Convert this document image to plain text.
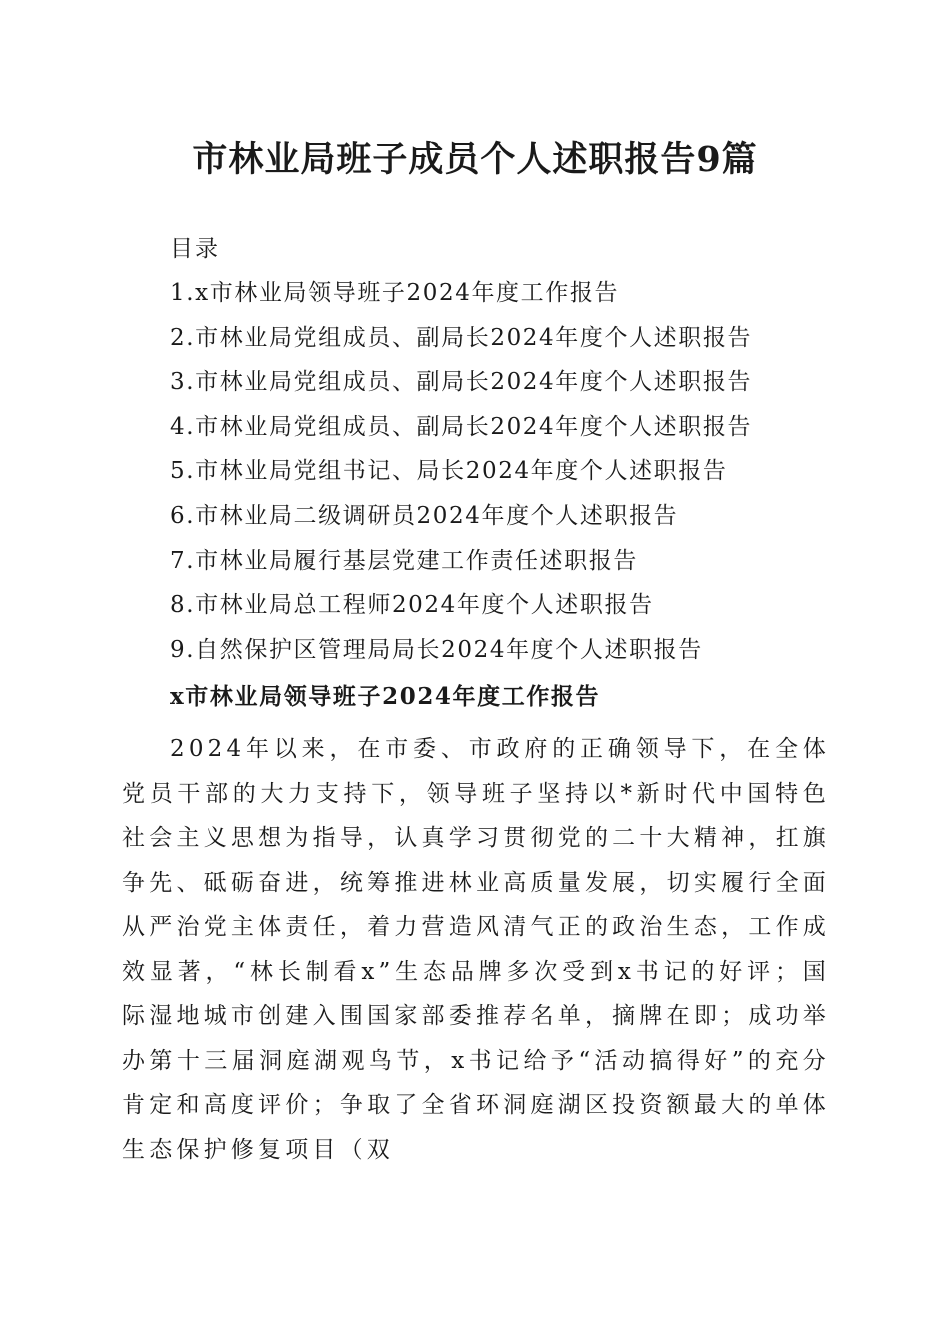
市林业局班子成员个人述职报告9篇
目录
1.x市林业局领导班子2024年度工作报告
2.市林业局党组成员、副局长2024年度个人述职报告
3.市林业局党组成员、副局长2024年度个人述职报告
4.市林业局党组成员、副局长2024年度个人述职报告
5.市林业局党组书记、局长2024年度个人述职报告
6.市林业局二级调研员2024年度个人述职报告
7.市林业局履行基层党建工作责任述职报告
8.市林业局总工程师2024年度个人述职报告
9.自然保护区管理局局长2024年度个人述职报告
x市林业局领导班子2024年度工作报告

2024年以来，在市委、市政府的正确领导下，在全体党员干部的大力支持下，领导班子坚持以*新时代中国特色社会主义思想为指导，认真学习贯彻党的二十大精神，扛旗争先、砥砺奋进，统筹推进林业高质量发展，切实履行全面从严治党主体责任，着力营造风清气正的政治生态，工作成效显著，“林长制看x”生态品牌多次受到x书记的好评；国际湿地城市创建入围国家部委推荐名单，摘牌在即；成功举办第十三届洞庭湖观鸟节，x书记给予“活动搞得好”的充分肯定和高度评价；争取了全省环洞庭湖区投资额最大的单体生态保护修复项目（双
